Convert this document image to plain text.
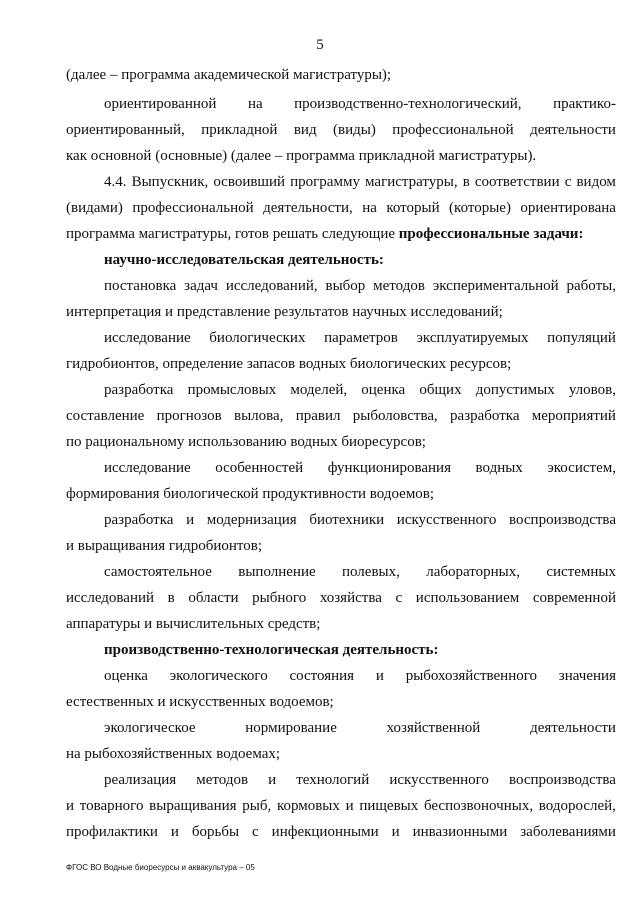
5
(далее – программа академической магистратуры);
ориентированной на производственно-технологический, практико-
ориентированный, прикладной вид (виды) профессиональной деятельности
как основной (основные) (далее – программа прикладной магистратуры).
4.4. Выпускник, освоивший программу магистратуры, в соответствии с видом
(видами) профессиональной деятельности, на который (которые) ориентирована
программа магистратуры, готов решать следующие профессиональные задачи:
научно-исследовательская деятельность:
постановка задач исследований, выбор методов экспериментальной работы,
интерпретация и представление результатов научных исследований;
исследование биологических параметров эксплуатируемых популяций
гидробионтов, определение запасов водных биологических ресурсов;
разработка промысловых моделей, оценка общих допустимых уловов,
составление прогнозов вылова, правил рыболовства, разработка мероприятий
по рациональному использованию водных биоресурсов;
исследование особенностей функционирования водных экосистем,
формирования биологической продуктивности водоемов;
разработка и модернизация биотехники искусственного воспроизводства
и выращивания гидробионтов;
самостоятельное выполнение полевых, лабораторных, системных
исследований в области рыбного хозяйства с использованием современной
аппаратуры и вычислительных средств;
производственно-технологическая деятельность:
оценка экологического состояния и рыбохозяйственного значения
естественных и искусственных водоемов;
экологическое	нормирование	хозяйственной	деятельности
на рыбохозяйственных водоемах;
реализация методов и технологий искусственного воспроизводства
и товарного выращивания рыб, кормовых и пищевых беспозвоночных, водорослей,
профилактики и борьбы с инфекционными и инвазионными заболеваниями
ФГОС ВО Водные биоресурсы и аквакультура – 05
